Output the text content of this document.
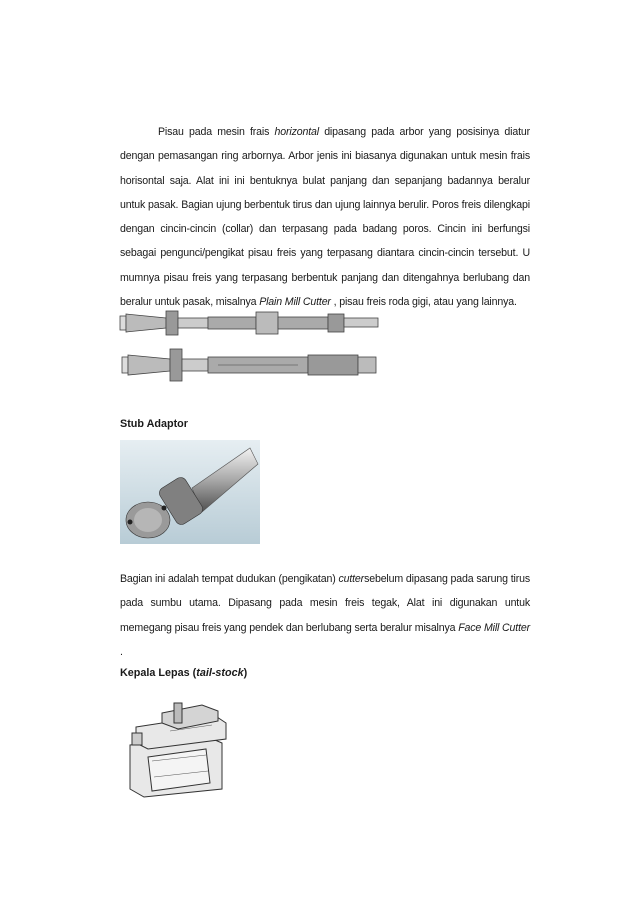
Pisau pada mesin frais horizontal dipasang pada arbor yang posisinya diatur dengan pemasangan ring arbornya. Arbor jenis ini biasanya digunakan untuk mesin frais horisontal saja. Alat ini ini bentuknya bulat panjang dan sepanjang badannya beralur untuk pasak. Bagian ujung berbentuk tirus dan ujung lainnya berulir. Poros freis dilengkapi dengan cincin-cincin (collar) dan terpasang pada badang poros. Cincin ini berfungsi sebagai pengunci/pengikat pisau freis yang terpasang diantara cincin-cincin tersebut. U mumnya pisau freis yang terpasang berbentuk panjang dan ditengahnya berlubang dan beralur untuk pasak, misalnya Plain Mill Cutter , pisau freis roda gigi, atau yang lainnya.
Stub Adaptor
Bagian ini adalah tempat dudukan (pengikatan) cuttersebelum dipasang pada sarung tirus pada sumbu utama. Dipasang pada mesin freis tegak, Alat ini digunakan untuk memegang pisau freis yang pendek dan berlubang serta beralur misalnya Face Mill Cutter .
Kepala Lepas (tail-stock)
